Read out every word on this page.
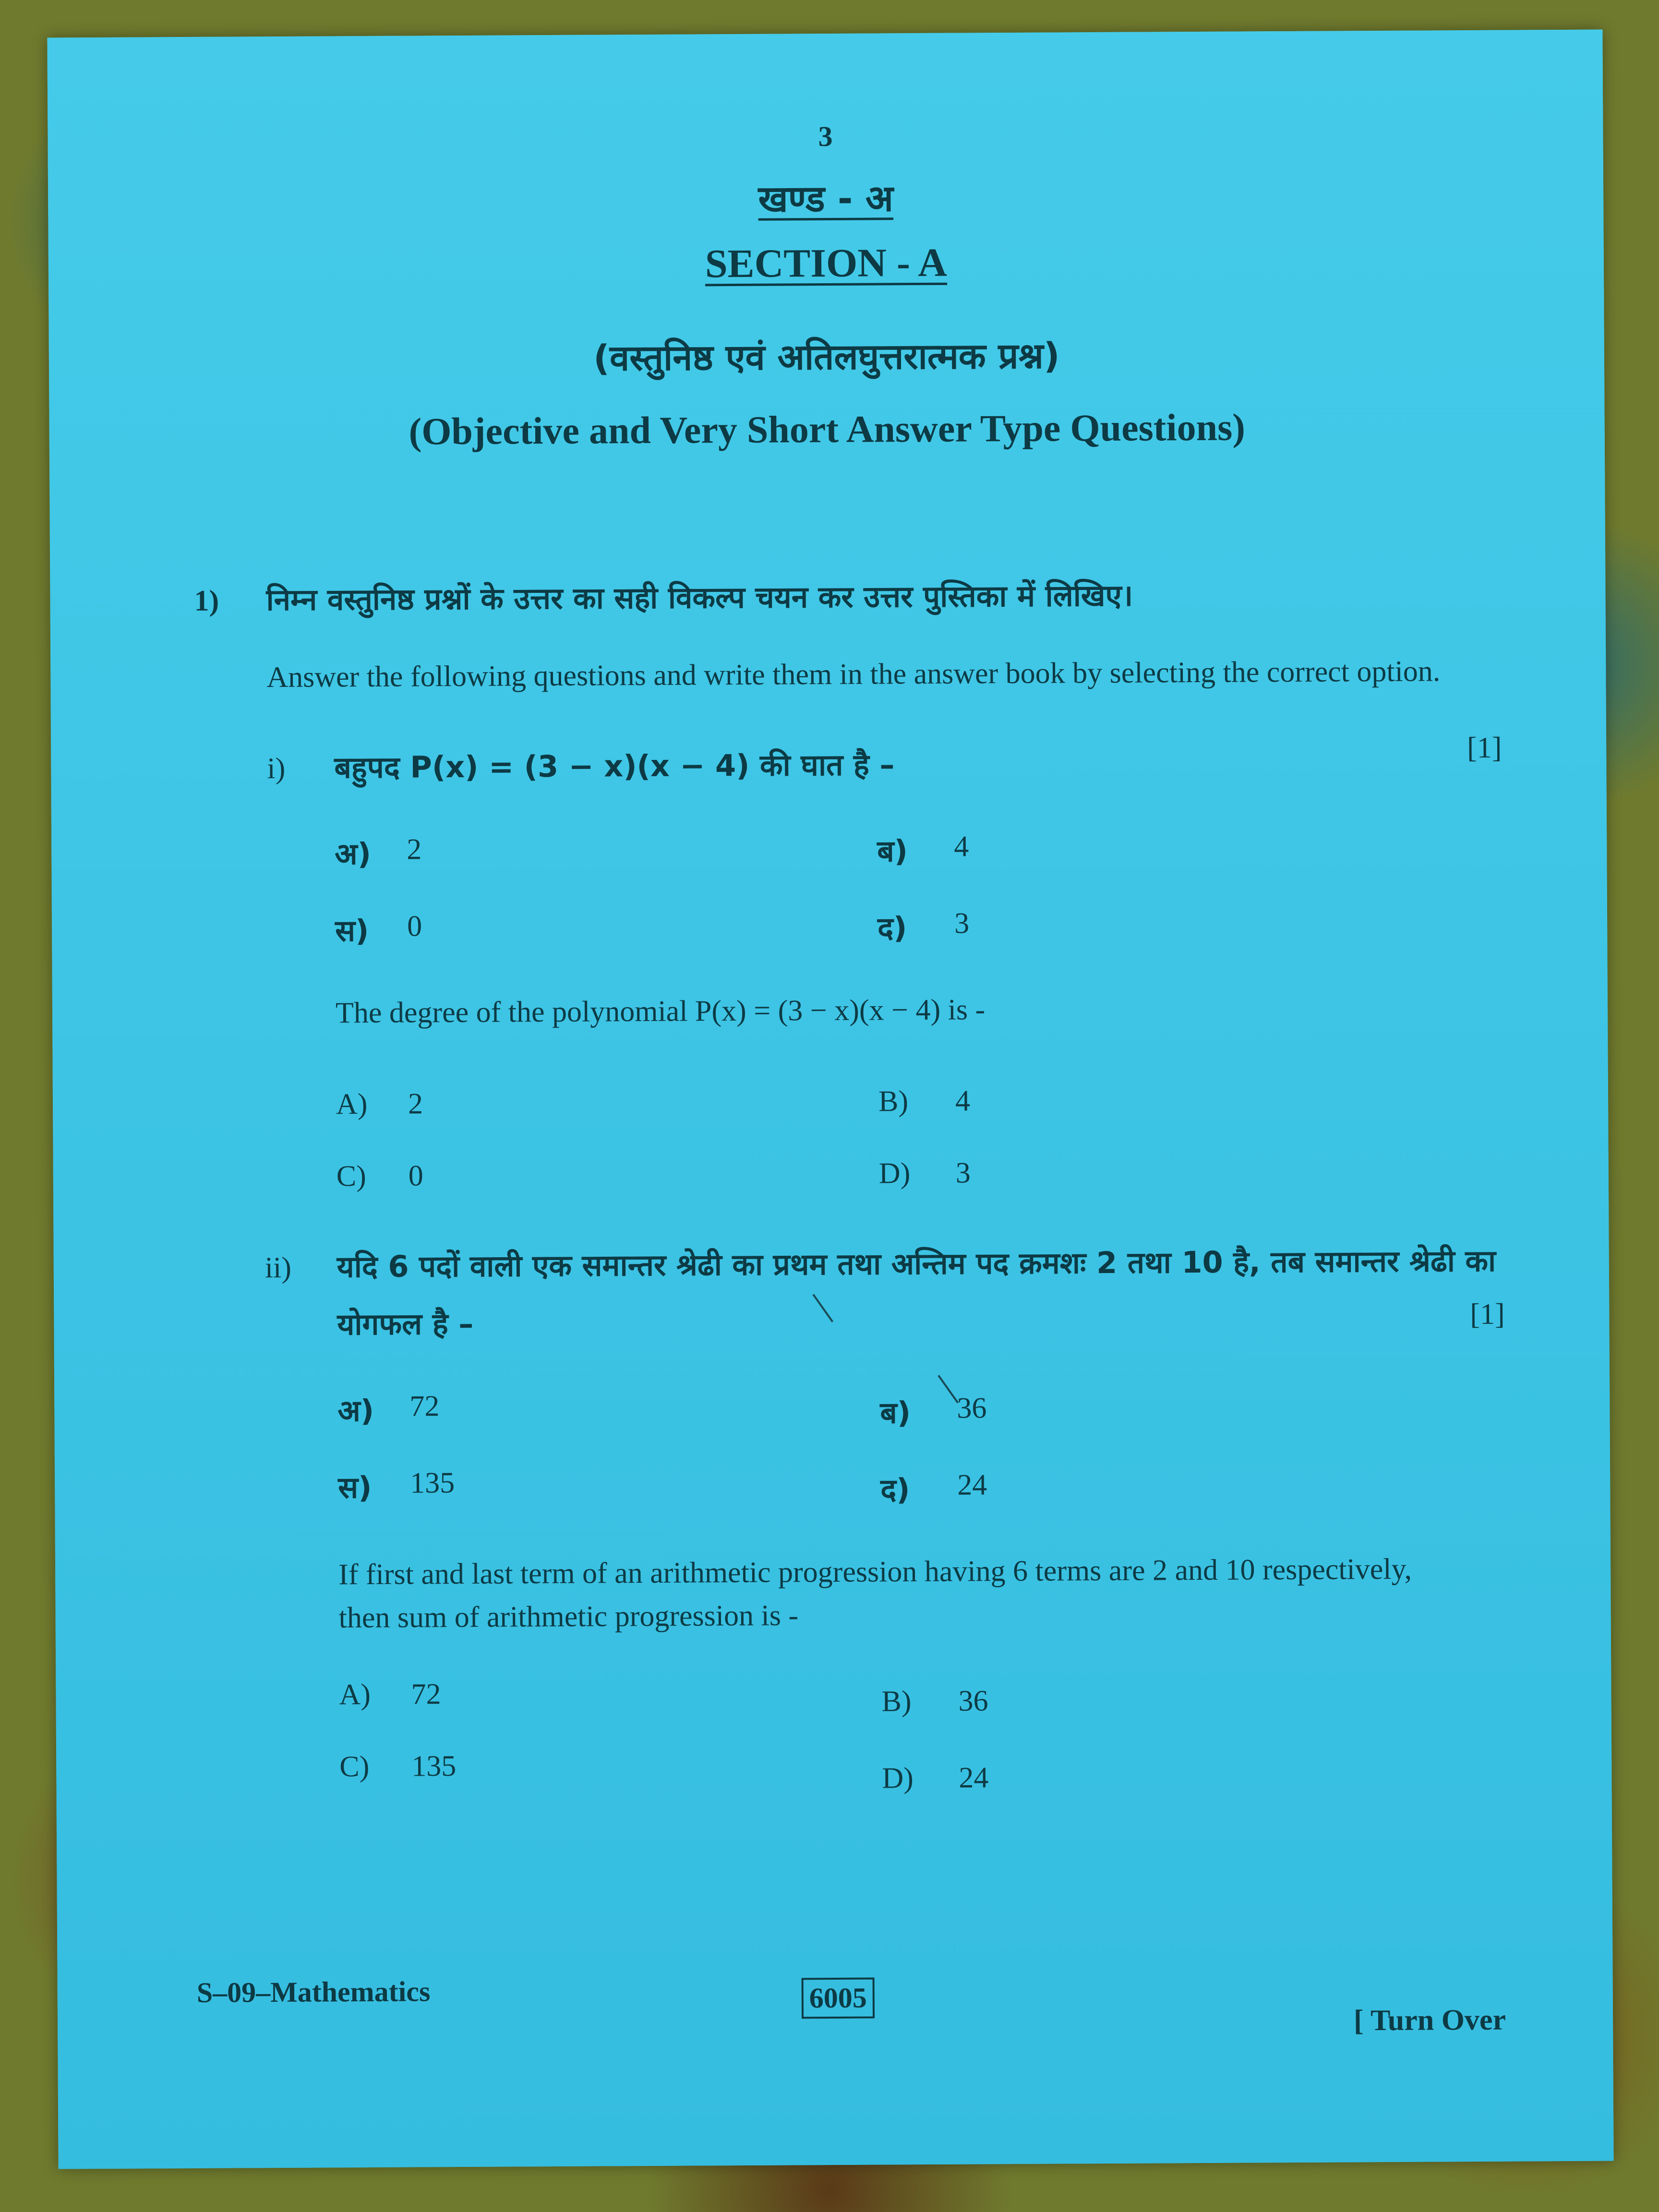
3
खण्ड - अ
SECTION - A
(वस्तुनिष्ठ एवं अतिलघुत्तरात्मक प्रश्न)
(Objective and Very Short Answer Type Questions)
1) निम्न वस्तुनिष्ठ प्रश्नों के उत्तर का सही विकल्प चयन कर उत्तर पुस्तिका में लिखिए।
Answer the following questions and write them in the answer book by selecting the correct option.
i) बहुपद P(x) = (3 − x)(x − 4) की घात है –	[1]
अ) 2	ब) 4
स) 0	द) 3
The degree of the polynomial P(x) = (3 − x)(x − 4) is -
A) 2	B) 4
C) 0	D) 3
ii) यदि 6 पदों वाली एक समान्तर श्रेढी का प्रथम तथा अन्तिम पद क्रमशः 2 तथा 10 है, तब समान्तर श्रेढी का
योगफल है –	[1]
अ) 72	ब) 36
स) 135	द) 24
If first and last term of an arithmetic progression having 6 terms are 2 and 10 respectively,
then sum of arithmetic progression is -
A) 72	B) 36
C) 135	D) 24
S–09–Mathematics	6005
[ Turn Over
